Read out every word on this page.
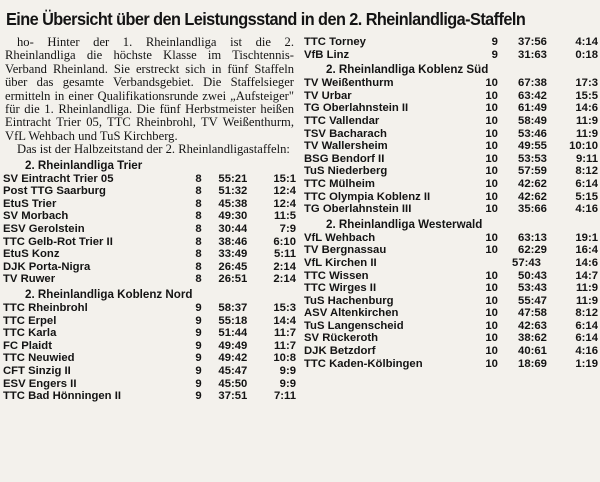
Eine Übersicht über den Leistungsstand in den 2. Rheinlandliga-Staffeln

ho- Hinter der 1. Rheinlandliga ist die 2. Rheinlandliga die höchste Klasse im Tischtennis-Verband Rheinland. Sie erstreckt sich in fünf Staffeln über das gesamte Verbandsgebiet. Die Staffelsieger ermitteln in einer Qualifikationsrunde zwei „Aufsteiger" für die 1. Rheinlandliga. Die fünf Herbstmeister heißen Eintracht Trier 05, TTC Rheinbrohl, TV Weißenthurm, VfL Wehbach und TuS Kirchberg.

Das ist der Halbzeitstand der 2. Rheinlandligastaffeln:

2. Rheinlandliga Trier
SV Eintracht Trier 05	8	55:21	15:1
Post TTG Saarburg	8	51:32	12:4
EtuS Trier	8	45:38	12:4
SV Morbach	8	49:30	11:5
ESV Gerolstein	8	30:44	7:9
TTC Gelb-Rot Trier II	8	38:46	6:10
EtuS Konz	8	33:49	5:11
DJK Porta-Nigra	8	26:45	2:14
TV Ruwer	8	26:51	2:14
2. Rheinlandliga Koblenz Nord
TTC Rheinbrohl	9	58:37	15:3
TTC Erpel	9	55:18	14:4
TTC Karla	9	51:44	11:7
FC Plaidt	9	49:49	11:7
TTC Neuwied	9	49:42	10:8
CFT Sinzig II	9	45:47	9:9
ESV Engers II	9	45:50	9:9
TTC Bad Hönningen II	9	37:51	7:11
TTC Torney	9	37:56	4:14
VfB Linz	9	31:63	0:18
2. Rheinlandliga Koblenz Süd
TV Weißenthurm	10	67:38	17:3
TV Urbar	10	63:42	15:5
TG Oberlahnstein II	10	61:49	14:6
TTC Vallendar	10	58:49	11:9
TSV Bacharach	10	53:46	11:9
TV Wallersheim	10	49:55	10:10
BSG Bendorf II	10	53:53	9:11
TuS Niederberg	10	57:59	8:12
TTC Mülheim	10	42:62	6:14
TTC Olympia Koblenz II	10	42:62	5:15
TG Oberlahnstein III	10	35:66	4:16
2. Rheinlandliga Westerwald
VfL Wehbach	10	63:13	19:1
TV Bergnassau	10	62:29	16:4
VfL Kirchen II		57:43	14:6
TTC Wissen	10	50:43	14:7
TTC Wirges II	10	53:43	11:9
TuS Hachenburg	10	55:47	11:9
ASV Altenkirchen	10	47:58	8:12
TuS Langenscheid	10	42:63	6:14
SV Rückeroth	10	38:62	6:14
DJK Betzdorf	10	40:61	4:16
TTC Kaden-Kölbingen	10	18:69	1:19
